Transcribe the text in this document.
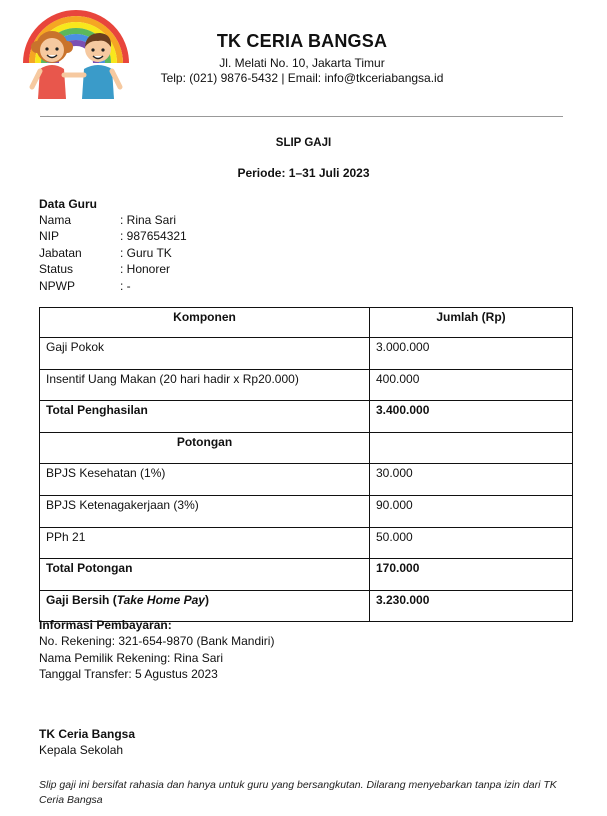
TK CERIA BANGSA
Jl. Melati No. 10, Jakarta Timur
Telp: (021) 9876-5432 | Email: info@tkceriabangsa.id
SLIP GAJI
Periode: 1–31 Juli 2023
Data Guru
Nama	: Rina Sari
NIP	: 987654321
Jabatan	: Guru TK
Status	: Honorer
NPWP	: -
Komponen	Jumlah (Rp)
Gaji Pokok	3.000.000
Insentif Uang Makan (20 hari hadir x Rp20.000)	400.000
Total Penghasilan	3.400.000
Potongan	
BPJS Kesehatan (1%)	30.000
BPJS Ketenagakerjaan (3%)	90.000
PPh 21	50.000
Total Potongan	170.000
Gaji Bersih (Take Home Pay)	3.230.000
Informasi Pembayaran:
No. Rekening: 321-654-9870 (Bank Mandiri)
Nama Pemilik Rekening: Rina Sari
Tanggal Transfer: 5 Agustus 2023
TK Ceria Bangsa
Kepala Sekolah
Slip gaji ini bersifat rahasia dan hanya untuk guru yang bersangkutan. Dilarang menyebarkan tanpa izin dari TK Ceria Bangsa
